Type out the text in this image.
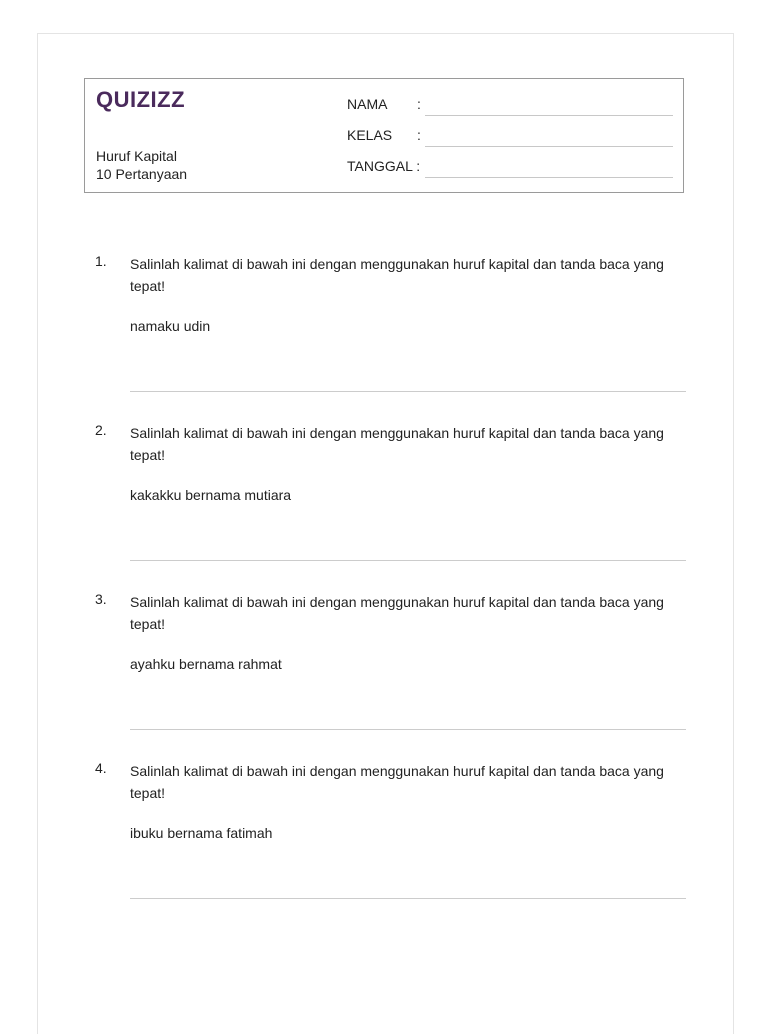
QUIZIZZ
Huruf Kapital
10 Pertanyaan
NAMA :
KELAS :
TANGGAL :
1. Salinlah kalimat di bawah ini dengan menggunakan huruf kapital dan tanda baca yang tepat!
namaku udin
2. Salinlah kalimat di bawah ini dengan menggunakan huruf kapital dan tanda baca yang tepat!
kakakku bernama mutiara
3. Salinlah kalimat di bawah ini dengan menggunakan huruf kapital dan tanda baca yang tepat!
ayahku bernama rahmat
4. Salinlah kalimat di bawah ini dengan menggunakan huruf kapital dan tanda baca yang tepat!
ibuku bernama fatimah
